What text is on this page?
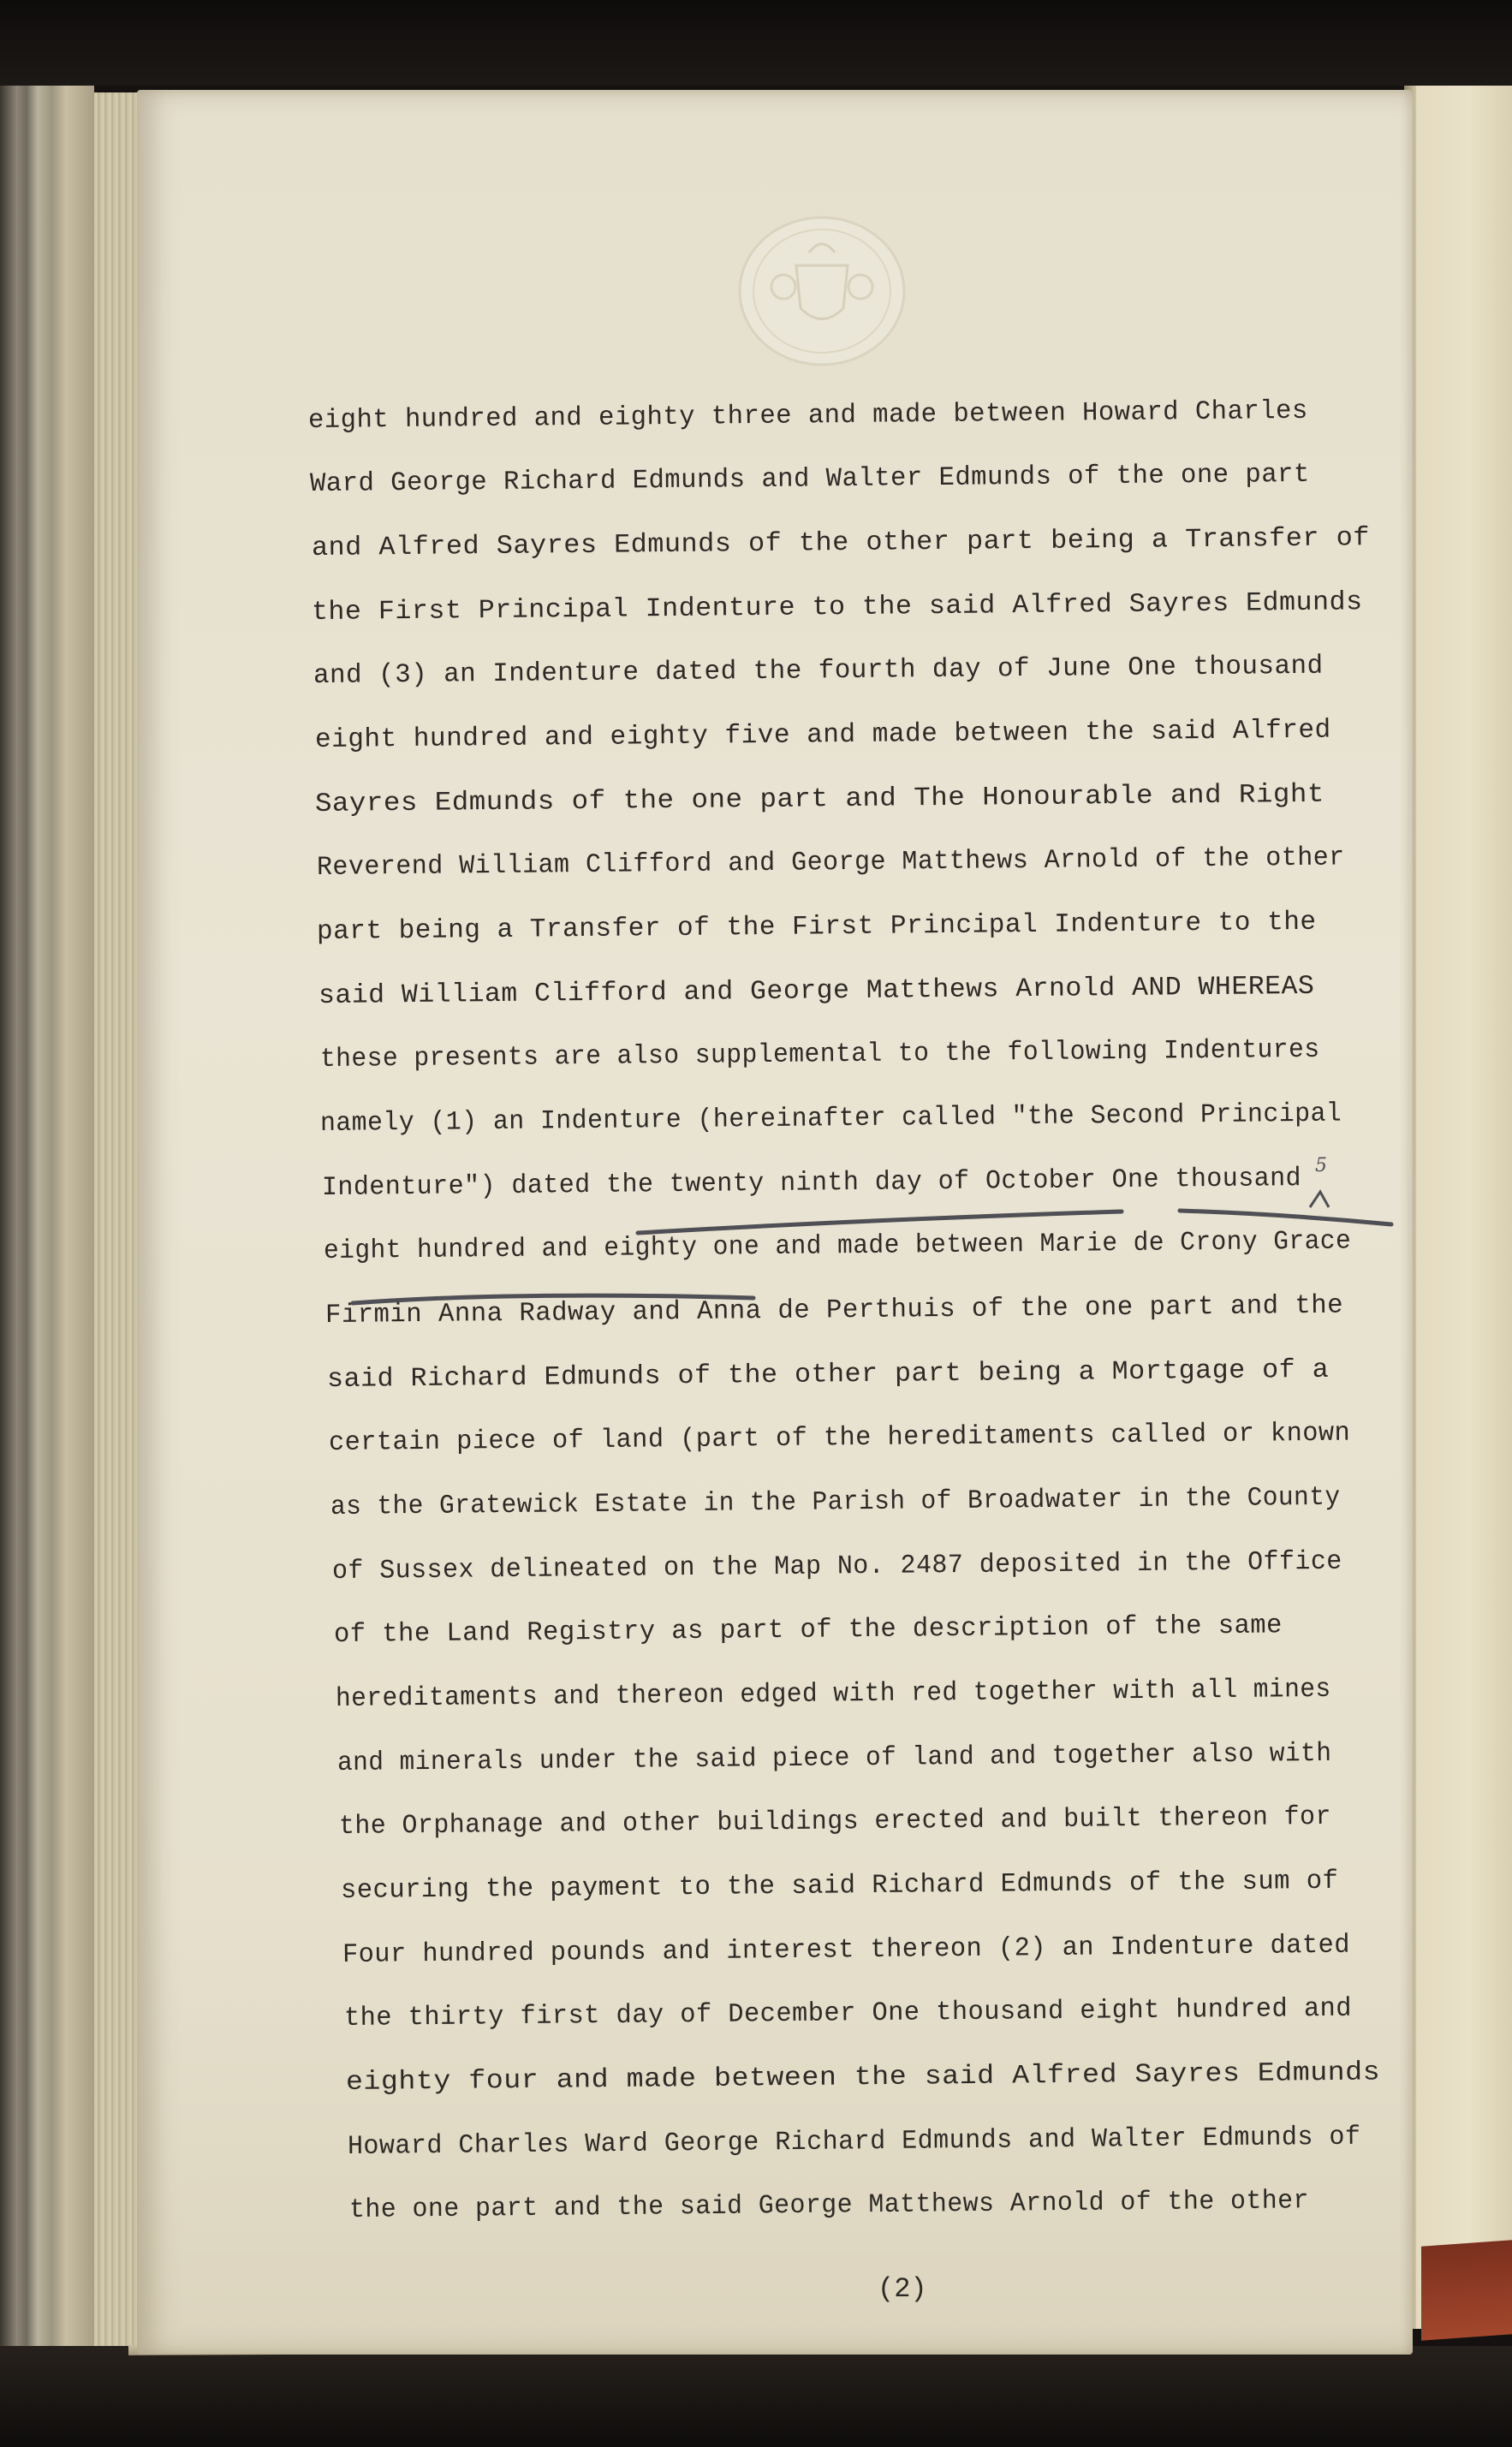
eight hundred and eighty three and made between Howard Charles

Ward George Richard Edmunds and Walter Edmunds of the one part

and Alfred Sayres Edmunds of the other part being a Transfer of

the First Principal Indenture to the said Alfred Sayres Edmunds

and (3) an Indenture dated the fourth day of June One thousand

eight hundred and eighty five and made between the said Alfred

Sayres Edmunds of the one part and The Honourable and Right

Reverend William Clifford and George Matthews Arnold of the other

part being a Transfer of the First Principal Indenture to the

said William Clifford and George Matthews Arnold AND WHEREAS

these presents are also supplemental to the following Indentures

namely (1) an Indenture (hereinafter called "the Second Principal

Indenture") dated the twenty ninth day of October One thousand

eight hundred and eighty one and made between Marie de Crony Grace

Firmin Anna Radway and Anna de Perthuis of the one part and the

said Richard Edmunds of the other part being a Mortgage of a

certain piece of land (part of the hereditaments called or known

as the Gratewick Estate in the Parish of Broadwater in the County

of Sussex delineated on the Map No. 2487 deposited in the Office

of the Land Registry as part of the description of the same

hereditaments and thereon edged with red together with all mines

and minerals under the said piece of land and together also with

the Orphanage and other buildings erected and built thereon for

securing the payment to the said Richard Edmunds of the sum of

Four hundred pounds and interest thereon (2) an Indenture dated

the thirty first day of December One thousand eight hundred and

eighty four and made between the said Alfred Sayres Edmunds

Howard Charles Ward George Richard Edmunds and Walter Edmunds of

the one part and the said George Matthews Arnold of the other

5

(2)
